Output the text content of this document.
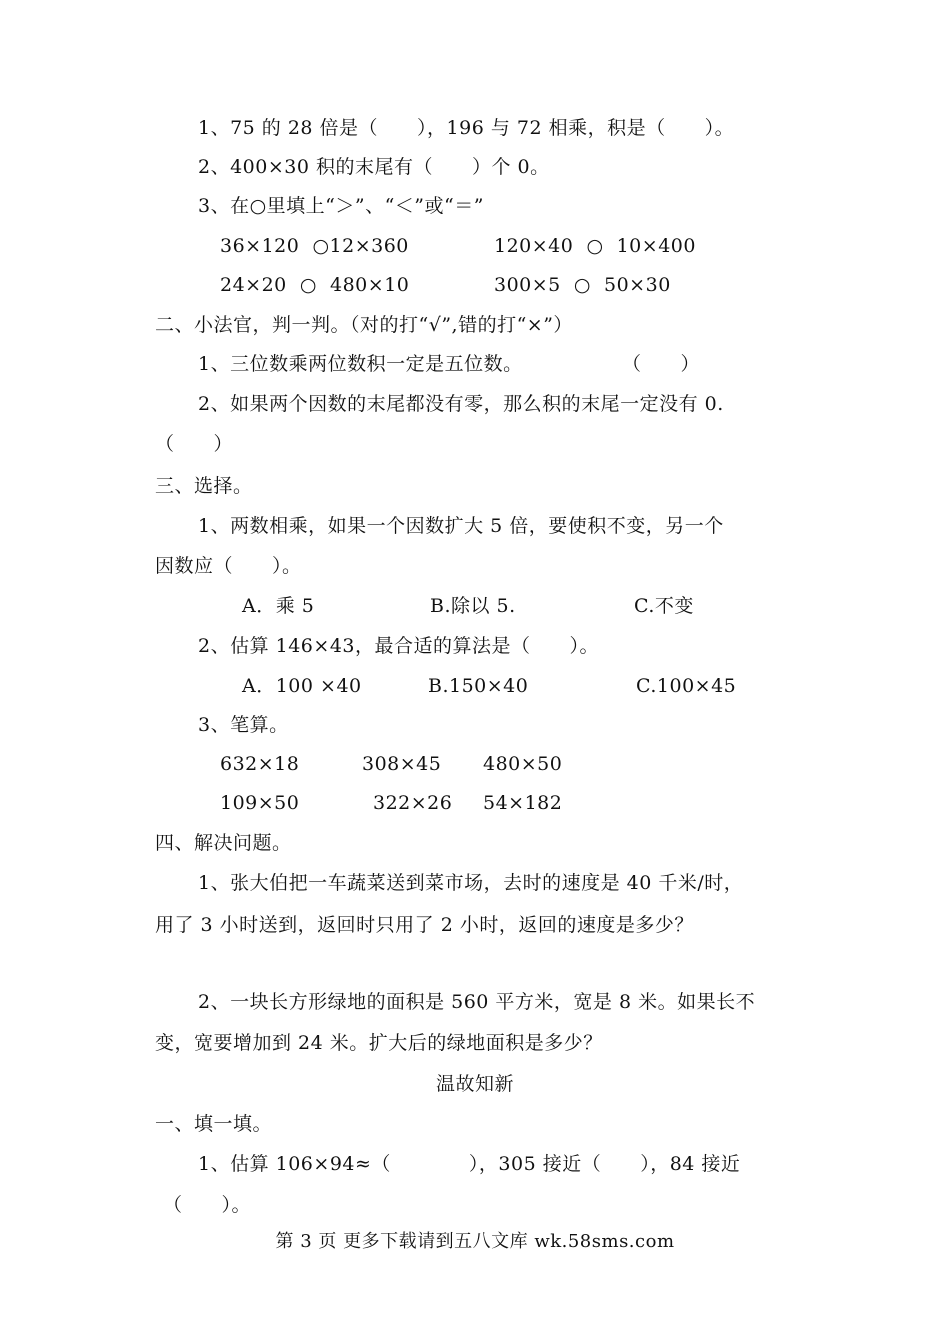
1、75 的 28 倍是（　　），196 与 72 相乘，积是（　　）。
2、400×30 积的末尾有（　　）个 0。
3、在○里填上“＞”、“＜”或“＝”
36×120  ○12×360	120×40  ○  10×400
24×20  ○  480×10	300×5  ○  50×30
二、小法官，判一判。（对的打“√”,错的打“×”）
1、三位数乘两位数积一定是五位数。	（　　）
2、如果两个因数的末尾都没有零，那么积的末尾一定没有 0.
（　　）
三、选择。
1、两数相乘，如果一个因数扩大 5 倍，要使积不变，另一个
因数应（　　）。
A．乘 5	B.除以 5.	C.不变
2、估算 146×43，最合适的算法是（　　）。
A．100 ×40	B.150×40	C.100×45
3、笔算。
632×18	308×45 480×50
109×50	322×26 54×182
四、解决问题。
1、张大伯把一车蔬菜送到菜市场，去时的速度是 40 千米/时，
用了 3 小时送到，返回时只用了 2 小时，返回的速度是多少？
2、一块长方形绿地的面积是 560 平方米，宽是 8 米。如果长不
变，宽要增加到 24 米。扩大后的绿地面积是多少？
温故知新
一、填一填。
1、估算 106×94≈（　　　　），305 接近（　　），84 接近
（　　）。
第 3 页 更多下载请到五八文库 wk.58sms.com
